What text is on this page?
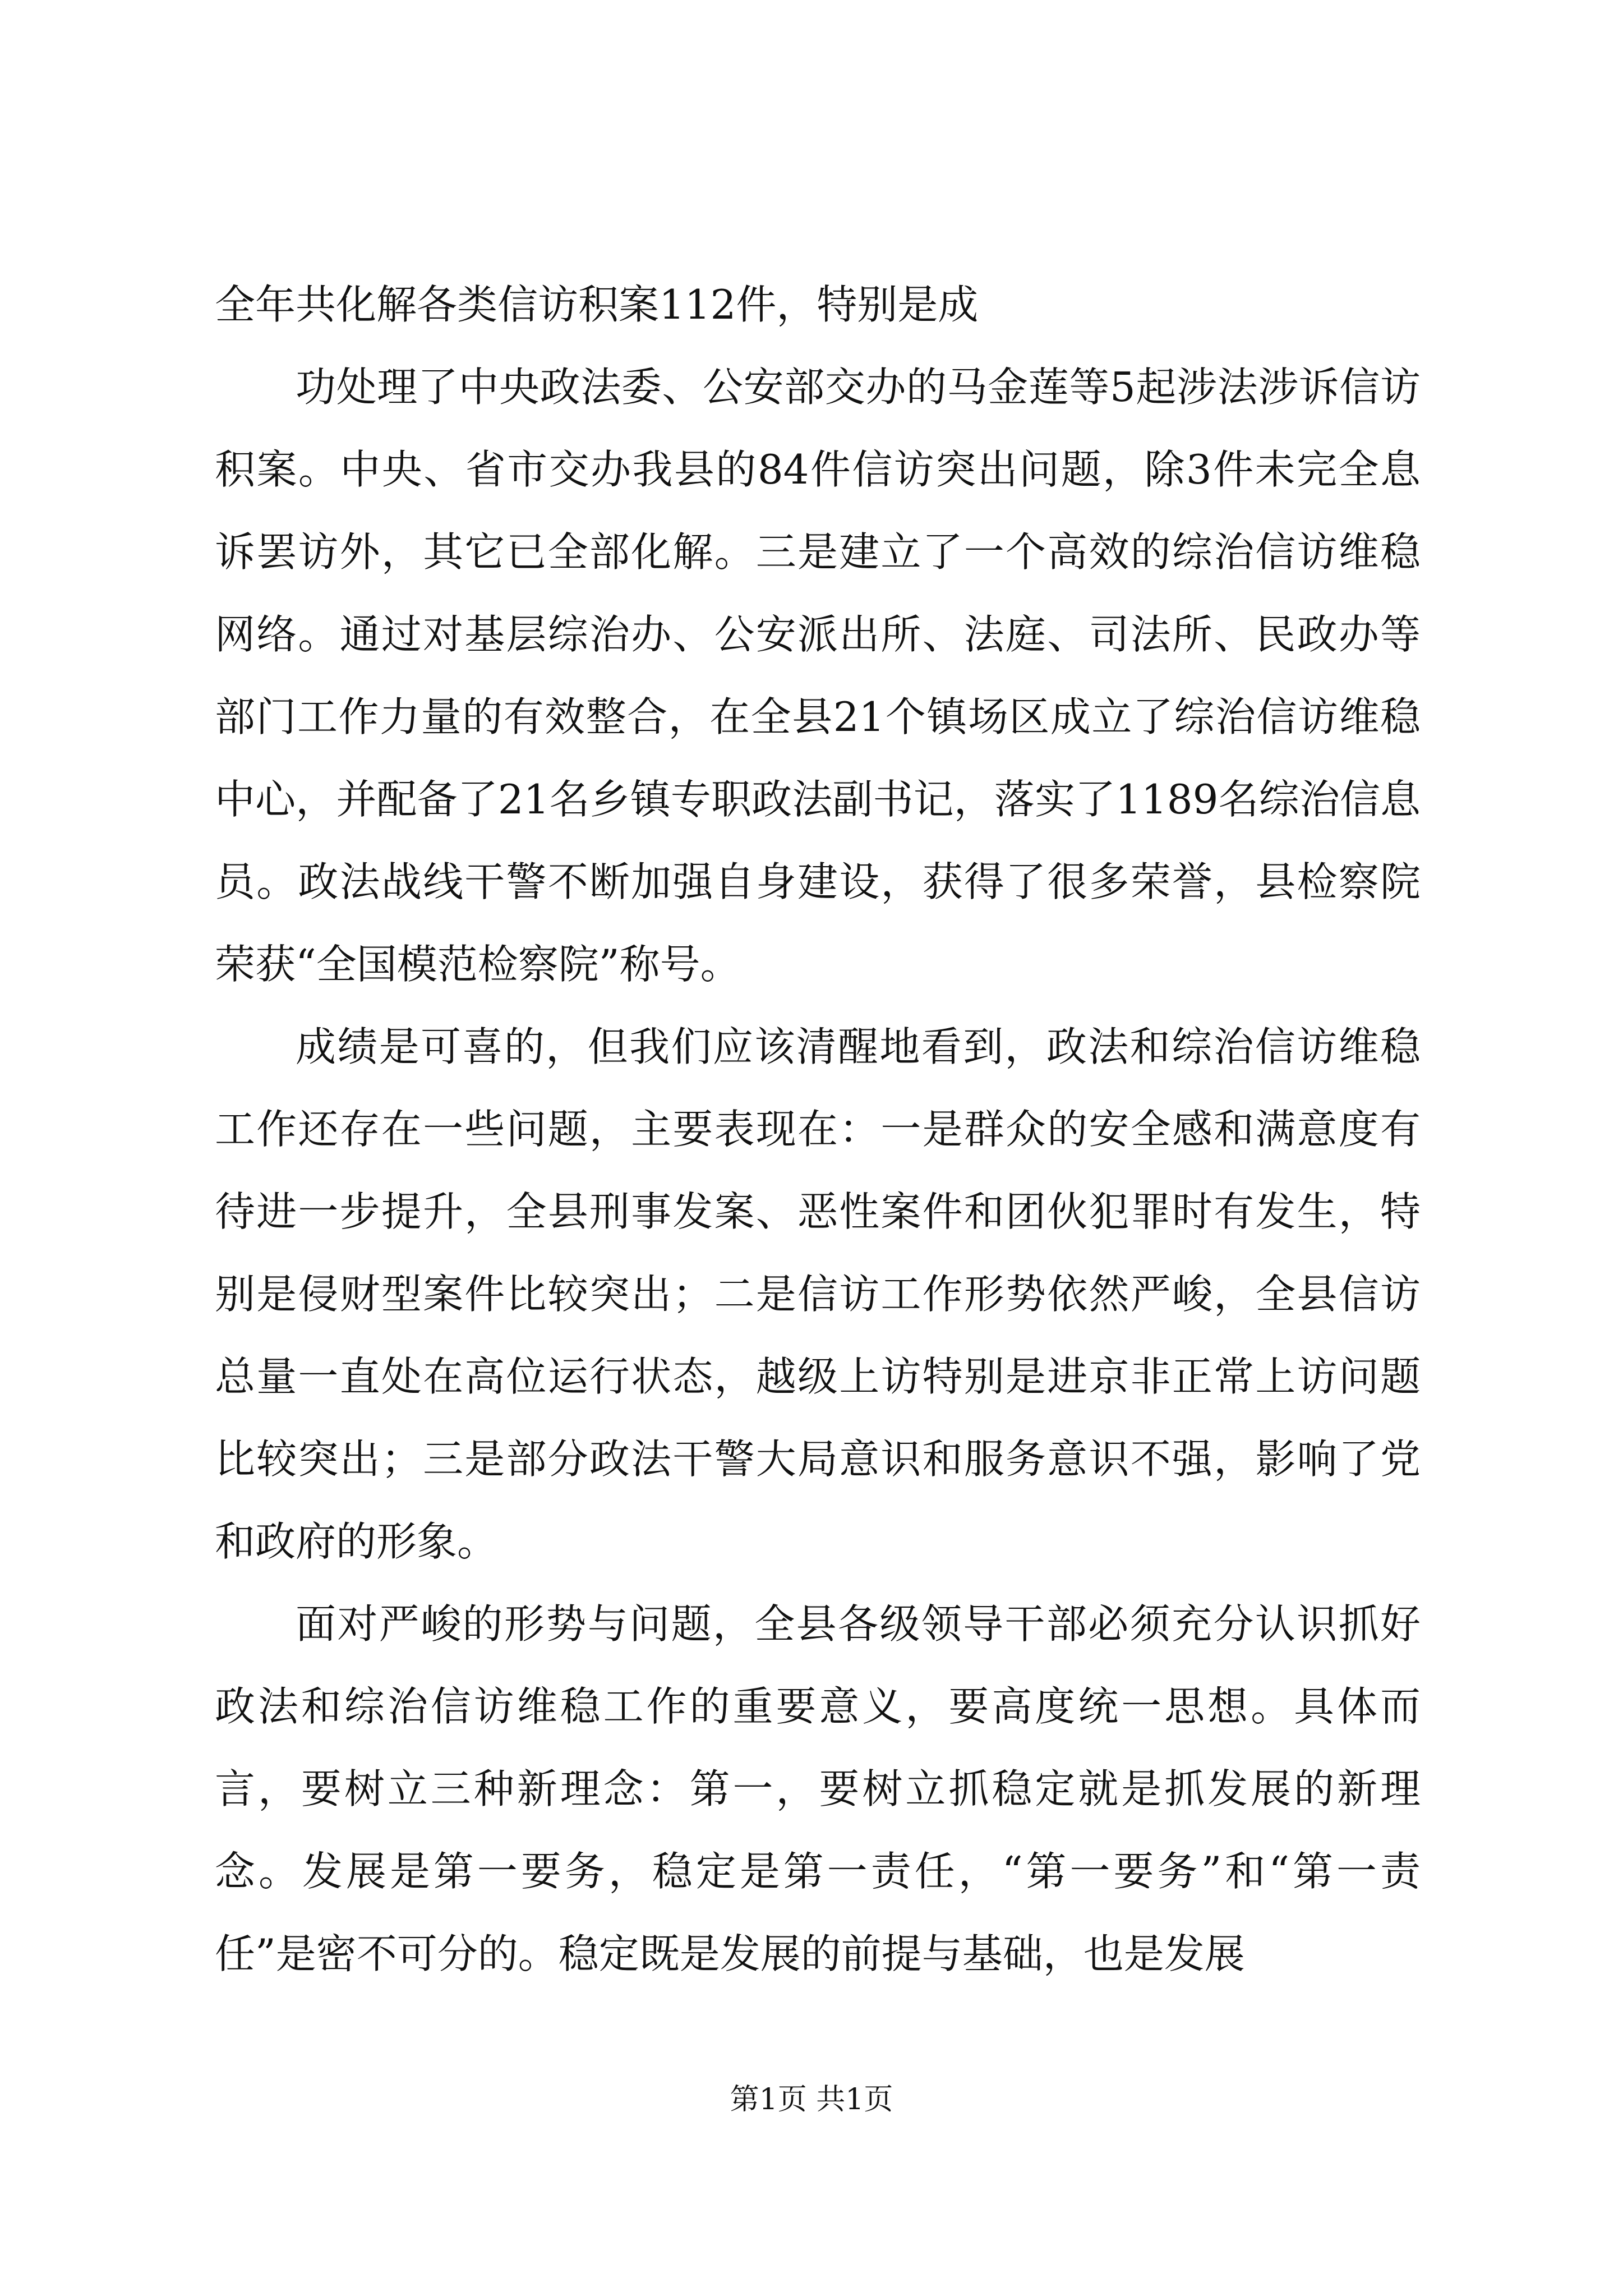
全年共化解各类信访积案112件，特别是成

功处理了中央政法委、公安部交办的马金莲等5起涉法涉诉信访积案。中央、省市交办我县的84件信访突出问题，除3件未完全息诉罢访外，其它已全部化解。三是建立了一个高效的综治信访维稳网络。通过对基层综治办、公安派出所、法庭、司法所、民政办等部门工作力量的有效整合，在全县21个镇场区成立了综治信访维稳中心，并配备了21名乡镇专职政法副书记，落实了1189名综治信息员。政法战线干警不断加强自身建设，获得了很多荣誉，县检察院荣获“全国模范检察院”称号。

成绩是可喜的，但我们应该清醒地看到，政法和综治信访维稳工作还存在一些问题，主要表现在：一是群众的安全感和满意度有待进一步提升，全县刑事发案、恶性案件和团伙犯罪时有发生，特别是侵财型案件比较突出；二是信访工作形势依然严峻，全县信访总量一直处在高位运行状态，越级上访特别是进京非正常上访问题比较突出；三是部分政法干警大局意识和服务意识不强，影响了党和政府的形象。

面对严峻的形势与问题，全县各级领导干部必须充分认识抓好政法和综治信访维稳工作的重要意义，要高度统一思想。具体而言，要树立三种新理念：第一，要树立抓稳定就是抓发展的新理念。发展是第一要务，稳定是第一责任，“第一要务”和“第一责任”是密不可分的。稳定既是发展的前提与基础，也是发展

第1页 共1页
